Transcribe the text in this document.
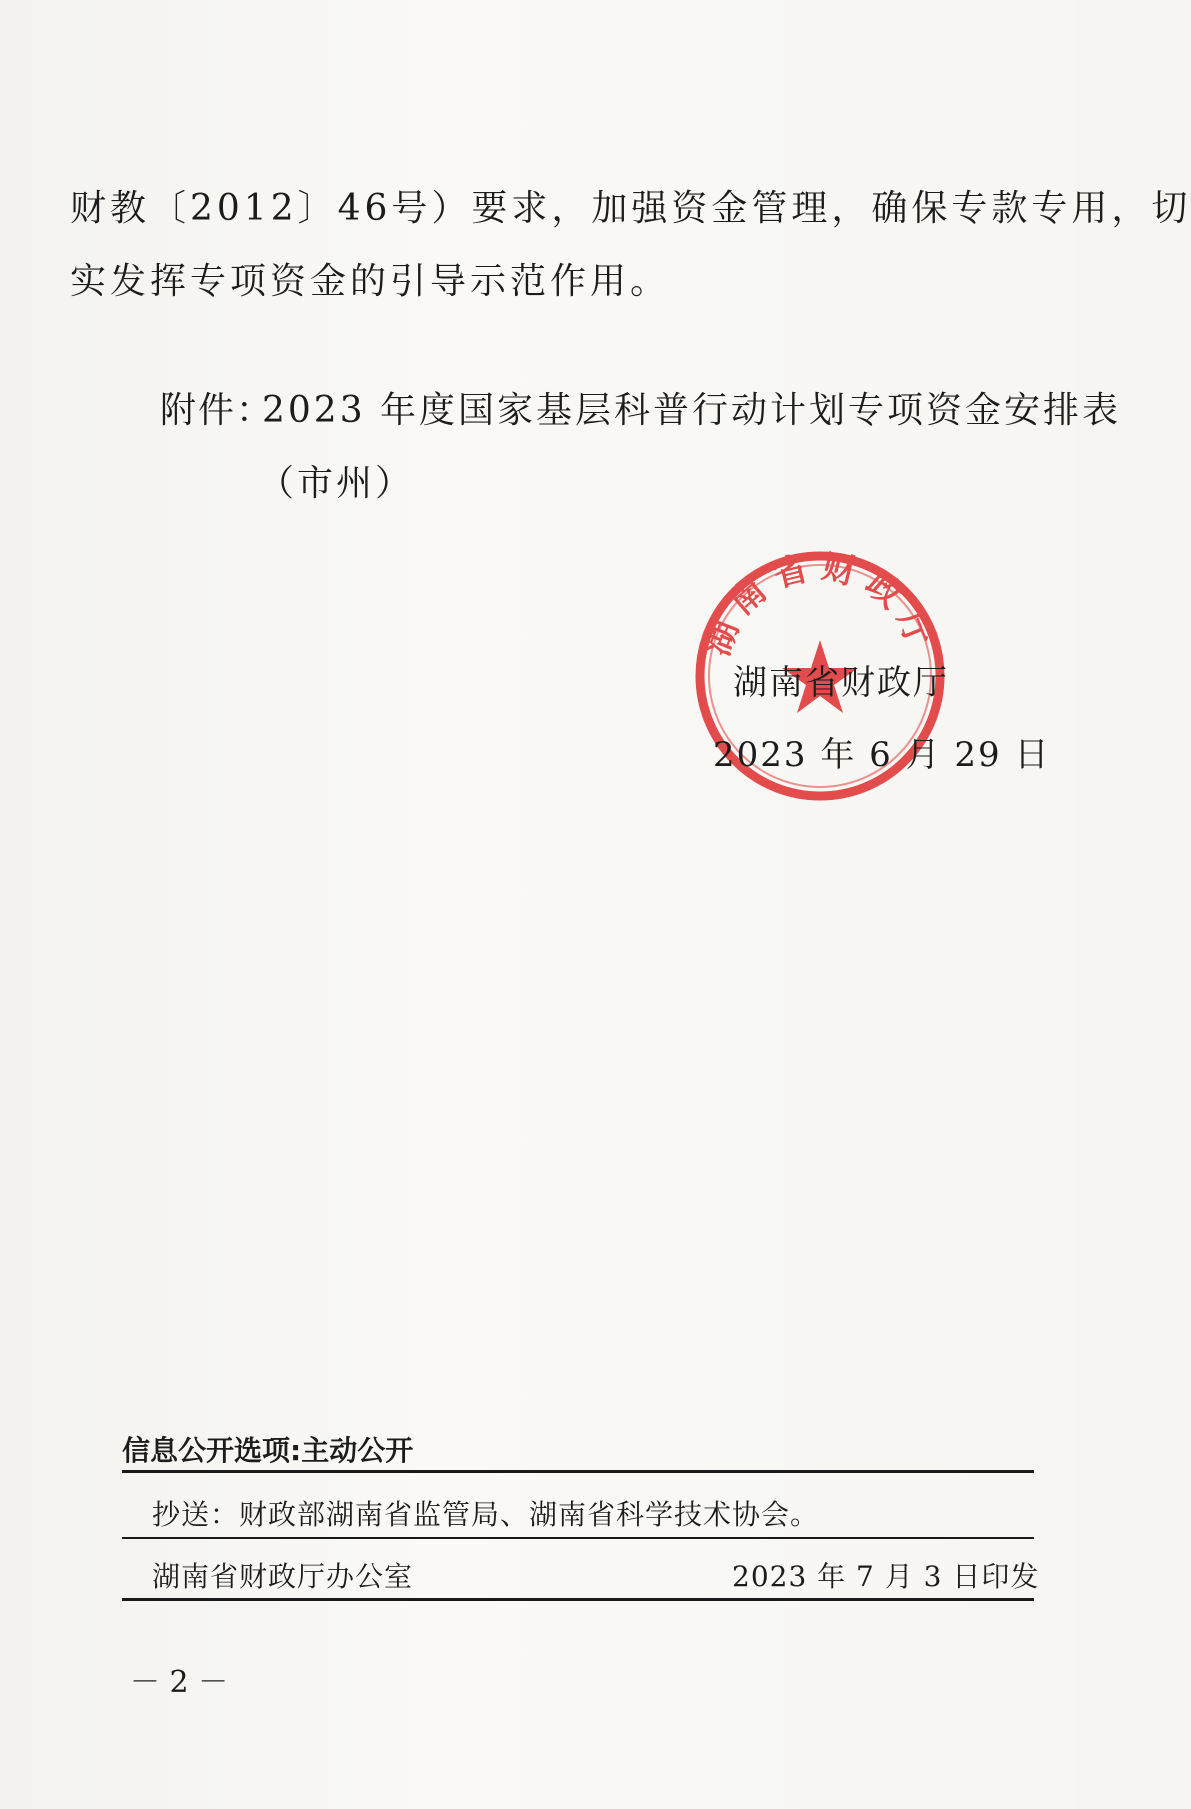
财教〔2012〕46号）要求，加强资金管理，确保专款专用，切
实发挥专项资金的引导示范作用。
附件：
2023 年度国家基层科普行动计划专项资金安排表
（市州）
湖南省财政厅
湖南省财政厅
2023 年 6 月 29 日
信息公开选项:主动公开
抄送：财政部湖南省监管局、湖南省科学技术协会。
湖南省财政厅办公室	2023 年 7 月 3 日印发
－ 2 －
